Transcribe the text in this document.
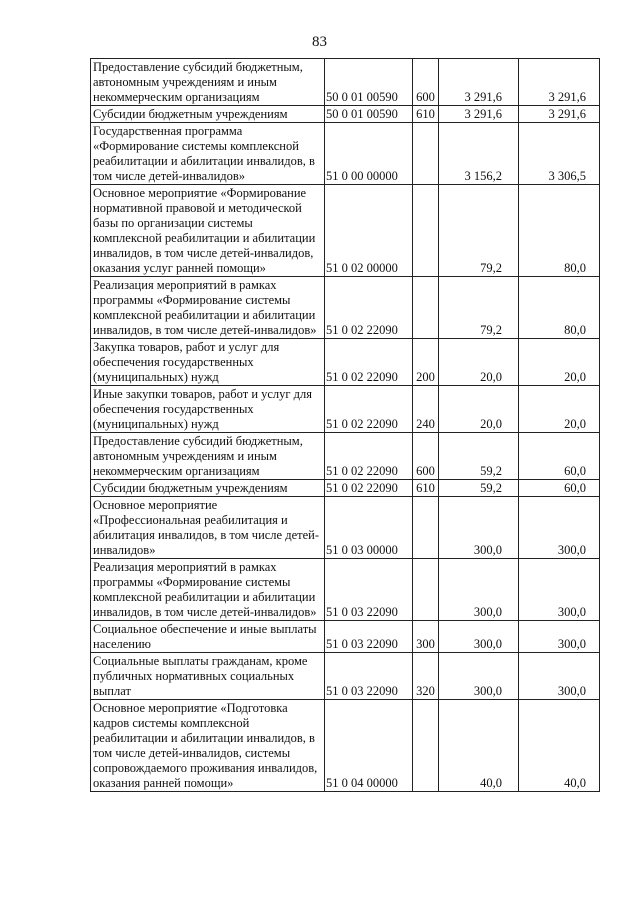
83
Предоставление субсидий бюджетным, автономным учреждениям и иным некоммерческим организациям	50 0 01 00590	600	3 291,6	3 291,6
Субсидии бюджетным учреждениям	50 0 01 00590	610	3 291,6	3 291,6
Государственная программа «Формирование системы комплексной реабилитации и абилитации инвалидов, в том числе детей-инвалидов»	51 0 00 00000		3 156,2	3 306,5
Основное мероприятие «Формирование нормативной правовой и методической базы по организации системы комплексной реабилитации и абилитации инвалидов, в том числе детей-инвалидов, оказания услуг ранней помощи»	51 0 02 00000		79,2	80,0
Реализация мероприятий в рамках программы «Формирование системы комплексной реабилитации и абилитации инвалидов, в том числе детей-инвалидов»	51 0 02 22090		79,2	80,0
Закупка товаров, работ и услуг для обеспечения государственных (муниципальных) нужд	51 0 02 22090	200	20,0	20,0
Иные закупки товаров, работ и услуг для обеспечения государственных (муниципальных) нужд	51 0 02 22090	240	20,0	20,0
Предоставление субсидий бюджетным, автономным учреждениям и иным некоммерческим организациям	51 0 02 22090	600	59,2	60,0
Субсидии бюджетным учреждениям	51 0 02 22090	610	59,2	60,0
Основное мероприятие «Профессиональная реабилитация и абилитация инвалидов, в том числе детей-инвалидов»	51 0 03 00000		300,0	300,0
Реализация мероприятий в рамках программы «Формирование системы комплексной реабилитации и абилитации инвалидов, в том числе детей-инвалидов»	51 0 03 22090		300,0	300,0
Социальное обеспечение и иные выплаты населению	51 0 03 22090	300	300,0	300,0
Социальные выплаты гражданам, кроме публичных нормативных социальных выплат	51 0 03 22090	320	300,0	300,0
Основное мероприятие «Подготовка кадров системы комплексной реабилитации и абилитации инвалидов, в том числе детей-инвалидов, системы сопровождаемого проживания инвалидов, оказания ранней помощи»	51 0 04 00000		40,0	40,0
